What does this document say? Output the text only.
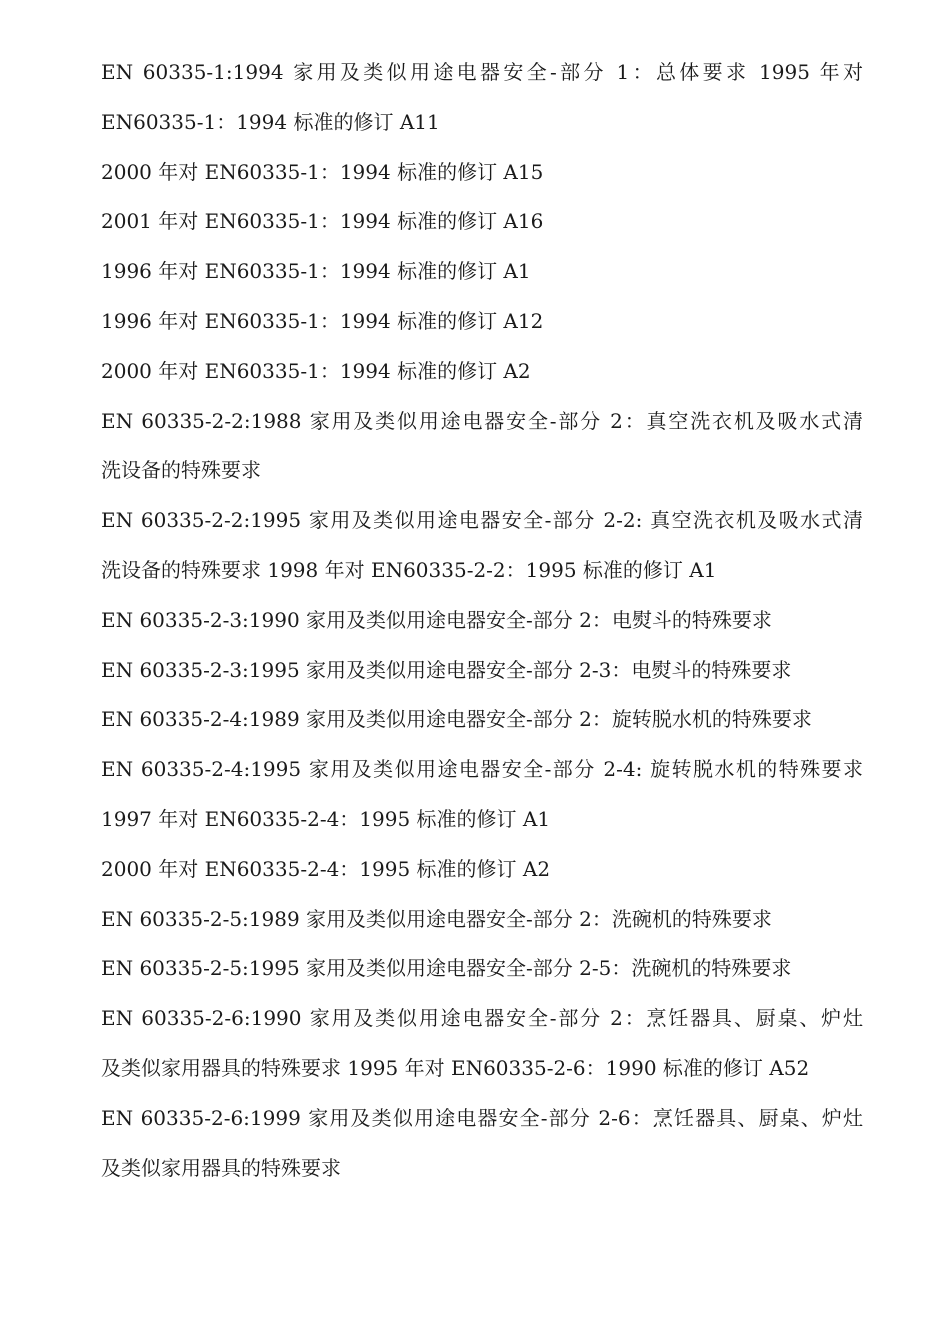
EN 60335-1:1994 家用及类似用途电器安全-部分 1：总体要求 1995 年对
EN60335-1：1994 标准的修订 A11
2000 年对 EN60335-1：1994 标准的修订 A15
2001 年对 EN60335-1：1994 标准的修订 A16
1996 年对 EN60335-1：1994 标准的修订 A1
1996 年对 EN60335-1：1994 标准的修订 A12
2000 年对 EN60335-1：1994 标准的修订 A2
EN 60335-2-2:1988 家用及类似用途电器安全-部分 2：真空洗衣机及吸水式清
洗设备的特殊要求
EN 60335-2-2:1995 家用及类似用途电器安全-部分 2-2: 真空洗衣机及吸水式清
洗设备的特殊要求 1998 年对 EN60335-2-2：1995 标准的修订 A1
EN 60335-2-3:1990 家用及类似用途电器安全-部分 2：电熨斗的特殊要求
EN 60335-2-3:1995 家用及类似用途电器安全-部分 2-3：电熨斗的特殊要求
EN 60335-2-4:1989 家用及类似用途电器安全-部分 2：旋转脱水机的特殊要求
EN 60335-2-4:1995 家用及类似用途电器安全-部分 2-4: 旋转脱水机的特殊要求
1997 年对 EN60335-2-4：1995 标准的修订 A1
2000 年对 EN60335-2-4：1995 标准的修订 A2
EN 60335-2-5:1989 家用及类似用途电器安全-部分 2：洗碗机的特殊要求
EN 60335-2-5:1995 家用及类似用途电器安全-部分 2-5：洗碗机的特殊要求
EN 60335-2-6:1990 家用及类似用途电器安全-部分 2：烹饪器具、厨桌、炉灶
及类似家用器具的特殊要求 1995 年对 EN60335-2-6：1990 标准的修订 A52
EN 60335-2-6:1999 家用及类似用途电器安全-部分 2-6：烹饪器具、厨桌、炉灶
及类似家用器具的特殊要求
